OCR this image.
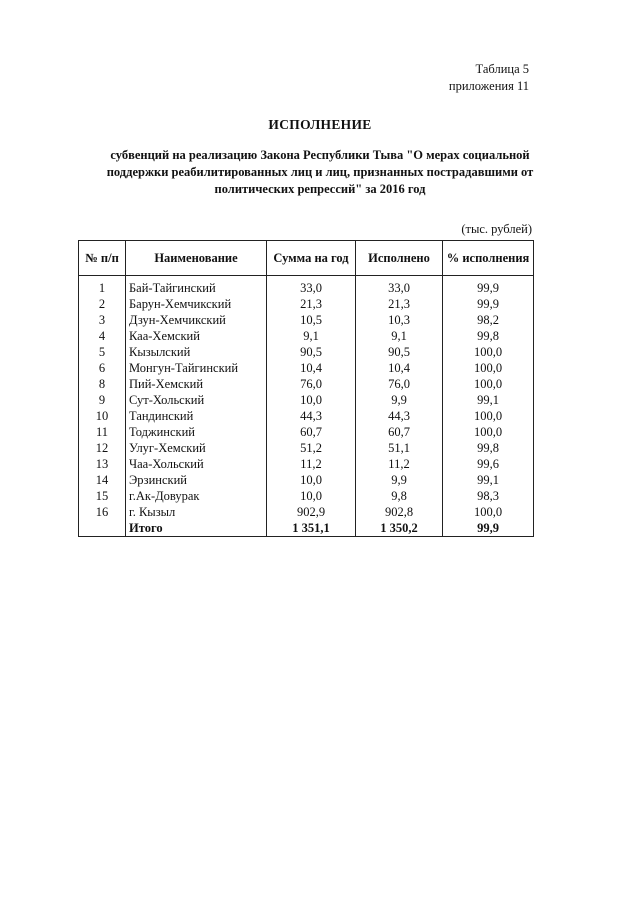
Таблица 5
приложения 11
ИСПОЛНЕНИЕ
субвенций на реализацию Закона Республики Тыва "О мерах социальной
поддержки реабилитированных лиц и лиц, признанных пострадавшими от
политических репрессий" за 2016 год
(тыс. рублей)
№ п/п	Наименование	Сумма на год	Исполнено	% исполнения
1	Бай-Тайгинский	33,0	33,0	99,9
2	Барун-Хемчикский	21,3	21,3	99,9
3	Дзун-Хемчикский	10,5	10,3	98,2
4	Каа-Хемский	9,1	9,1	99,8
5	Кызылский	90,5	90,5	100,0
6	Монгун-Тайгинский	10,4	10,4	100,0
8	Пий-Хемский	76,0	76,0	100,0
9	Сут-Хольский	10,0	9,9	99,1
10	Тандинский	44,3	44,3	100,0
11	Тоджинский	60,7	60,7	100,0
12	Улуг-Хемский	51,2	51,1	99,8
13	Чаа-Хольский	11,2	11,2	99,6
14	Эрзинский	10,0	9,9	99,1
15	г.Ак-Довурак	10,0	9,8	98,3
16	г. Кызыл	902,9	902,8	100,0
	Итого	1 351,1	1 350,2	99,9
